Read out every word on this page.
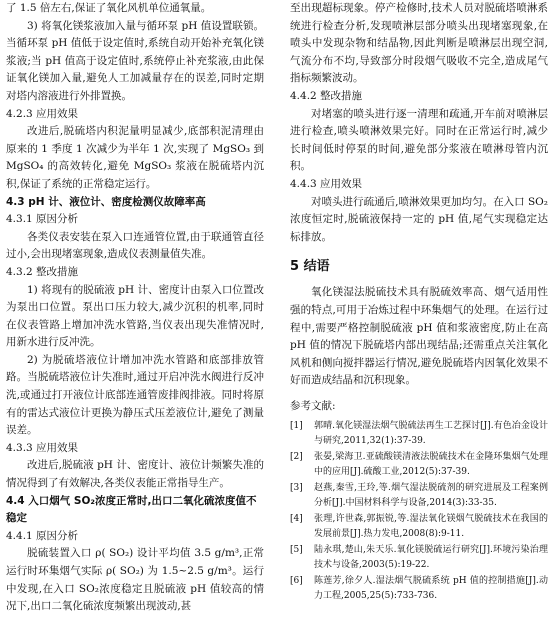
了 1.5 倍左右,保证了氧化风机单位通氧量。

3) 将氧化镁浆液加入量与循环泵 pH 值设置联锁。当循环泵 pH 值低于设定值时,系统自动开始补充氧化镁浆液;当 pH 值高于设定值时,系统停止补充浆液,由此保证氧化镁加入量,避免人工加减量存在的误差,同时定期对塔内溶液进行外排置换。

4.2.3 应用效果

改进后,脱硫塔内积泥量明显减少,底部积泥清理由原来的 1 季度 1 次减少为半年 1 次,实现了 MgSO₃ 到 MgSO₄ 的高效转化,避免 MgSO₃ 浆液在脱硫塔内沉积,保证了系统的正常稳定运行。

4.3 pH 计、液位计、密度检测仪故障率高

4.3.1 原因分析

各类仪表安装在泵入口连通管位置,由于联通管直径过小,会出现堵塞现象,造成仪表测量值失准。

4.3.2 整改措施

1) 将现有的脱硫液 pH 计、密度计由泵入口位置改为泵出口位置。泵出口压力较大,减少沉积的机率,同时在仪表管路上增加冲洗水管路,当仪表出现失准情况时,用新水进行反冲洗。

2) 为脱硫塔液位计增加冲洗水管路和底部排放管路。当脱硫塔液位计失准时,通过开启冲洗水阀进行反冲洗,或通过打开液位计底部连通管废排阀排液。同时将原有的雷达式液位计更换为静压式压差液位计,避免了测量误差。

4.3.3 应用效果

改进后,脱硫液 pH 计、密度计、液位计频繁失准的情况得到了有效解决,各类仪表能正常指导生产。

4.4 入口烟气 SO₂浓度正常时,出口二氧化硫浓度值不稳定

4.4.1 原因分析

脱硫装置入口 ρ( SO₂) 设计平均值 3.5 g/m³,正常运行时环集烟气实际 ρ( SO₂) 为 1.5~2.5 g/m³。运行中发现,在入口 SO₂浓度稳定且脱硫液 pH 值较高的情况下,出口二氧化硫浓度频繁出现波动,甚

至出现超标现象。停产检修时,技术人员对脱硫塔喷淋系统进行检查分析,发现喷淋层部分喷头出现堵塞现象,在喷头中发现杂物和结晶物,因此判断是喷淋层出现空洞,气流分布不均,导致部分时段烟气吸收不完全,造成尾气指标频繁波动。

4.4.2 整改措施

对堵塞的喷头进行逐一清理和疏通,开车前对喷淋层进行检查,喷头喷淋效果完好。同时在正常运行时,减少长时间低时停泵的时间,避免部分浆液在喷淋母管内沉积。

4.4.3 应用效果

对喷头进行疏通后,喷淋效果更加均匀。在入口 SO₂浓度恒定时,脱硫液保持一定的 pH 值,尾气实现稳定达标排放。

5 结语

氧化镁湿法脱硫技术具有脱硫效率高、烟气适用性强的特点,可用于冶炼过程中环集烟气的处理。在运行过程中,需要严格控制脱硫液 pH 值和浆液密度,防止在高 pH 值的情况下脱硫塔内部出现结晶;还需重点关注氧化风机和侧向搅拌器运行情况,避免脱硫塔内因氧化效果不好而造成结晶和沉积现象。

参考文献:

[1]	郭晴.氧化镁湿法烟气脱硫法再生工艺探讨[J].有色冶金设计与研究,2011,32(1):37-39.
[2]	张晏,梁海卫.亚硫酸镁清液法脱硫技术在金隆环集烟气处理中的应用[J].硫酸工业,2012(5):37-39.
[3]	赵燕,秦雪,王玲,等.烟气湿法脱硫剂的研究进展及工程案例分析[J].中国材料科学与设备,2014(3):33-35.
[4]	张理,许世森,郭振锐,等.湿法氧化镁烟气脱硫技术在我国的发展前景[J].热力发电,2008(8):9-11.
[5]	陆永琪,楚山,朱天乐.氧化镁脱硫运行研究[J].环境污染治理技术与设备,2003(5):19-22.
[6]	陈莲芳,徐夕人.湿法烟气脱硫系统 pH 值的控制措施[J].动力工程,2005,25(5):733-736.
